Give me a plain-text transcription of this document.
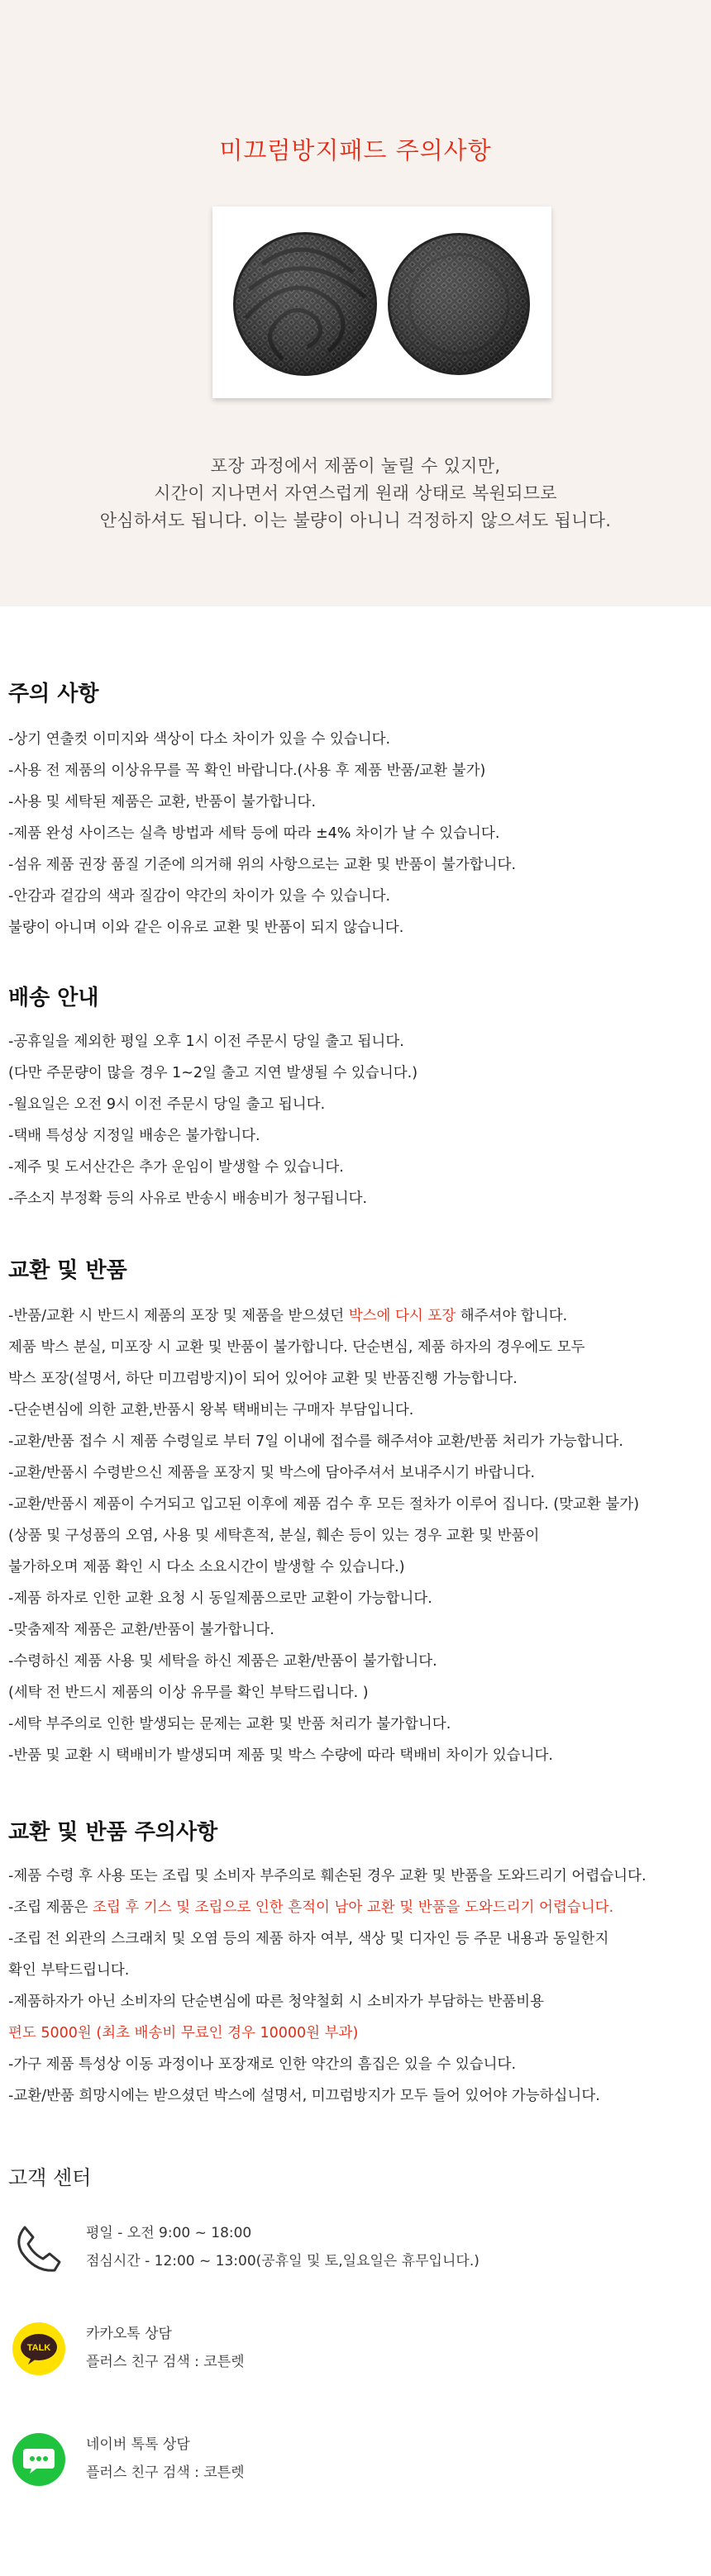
미끄럼방지패드 주의사항
포장 과정에서 제품이 눌릴 수 있지만,
시간이 지나면서 자연스럽게 원래 상태로 복원되므로
안심하셔도 됩니다. 이는 불량이 아니니 걱정하지 않으셔도 됩니다.
주의 사항
-상기 연출컷 이미지와 색상이 다소 차이가 있을 수 있습니다.
-사용 전 제품의 이상유무를 꼭 확인 바랍니다.(사용 후 제품 반품/교환 불가)
-사용 및 세탁된 제품은 교환, 반품이 불가합니다.
-제품 완성 사이즈는 실측 방법과 세탁 등에 따라 ±4% 차이가 날 수 있습니다.
-섬유 제품 권장 품질 기준에 의거해 위의 사항으로는 교환 및 반품이 불가합니다.
-안감과 겉감의 색과 질감이 약간의 차이가 있을 수 있습니다.
불량이 아니며 이와 같은 이유로 교환 및 반품이 되지 않습니다.
배송 안내
-공휴일을 제외한 평일 오후 1시 이전 주문시 당일 출고 됩니다.
(다만 주문량이 많을 경우 1~2일 출고 지연 발생될 수 있습니다.)
-월요일은 오전 9시 이전 주문시 당일 출고 됩니다.
-택배 특성상 지정일 배송은 불가합니다.
-제주 및 도서산간은 추가 운임이 발생할 수 있습니다.
-주소지 부정확 등의 사유로 반송시 배송비가 청구됩니다.
교환 및 반품
-반품/교환 시 반드시 제품의 포장 및 제품을 받으셨던 박스에 다시 포장 해주셔야 합니다.
제품 박스 분실, 미포장 시 교환 및 반품이 불가합니다. 단순변심, 제품 하자의 경우에도 모두
박스 포장(설명서, 하단 미끄럼방지)이 되어 있어야 교환 및 반품진행 가능합니다.
-단순변심에 의한 교환,반품시 왕복 택배비는 구매자 부담입니다.
-교환/반품 접수 시 제품 수령일로 부터 7일 이내에 접수를 해주셔야 교환/반품 처리가 가능합니다.
-교환/반품시 수령받으신 제품을 포장지 및 박스에 담아주셔서 보내주시기 바랍니다.
-교환/반품시 제품이 수거되고 입고된 이후에 제품 검수 후 모든 절차가 이루어 집니다. (맞교환 불가)
(상품 및 구성품의 오염, 사용 및 세탁흔적, 분실, 훼손 등이 있는 경우 교환 및 반품이
불가하오며 제품 확인 시 다소 소요시간이 발생할 수 있습니다.)
-제품 하자로 인한 교환 요청 시 동일제품으로만 교환이 가능합니다.
-맞춤제작 제품은 교환/반품이 불가합니다.
-수령하신 제품 사용 및 세탁을 하신 제품은 교환/반품이 불가합니다.
(세탁 전 반드시 제품의 이상 유무를 확인 부탁드립니다. )
-세탁 부주의로 인한 발생되는 문제는 교환 및 반품 처리가 불가합니다.
-반품 및 교환 시 택배비가 발생되며 제품 및 박스 수량에 따라 택배비 차이가 있습니다.
교환 및 반품 주의사항
-제품 수령 후 사용 또는 조립 및 소비자 부주의로 훼손된 경우 교환 및 반품을 도와드리기 어렵습니다.
-조립 제품은 조립 후 기스 및 조립으로 인한 흔적이 남아 교환 및 반품을 도와드리기 어렵습니다.
-조립 전 외관의 스크래치 및 오염 등의 제품 하자 여부, 색상 및 디자인 등 주문 내용과 동일한지
확인 부탁드립니다.
-제품하자가 아닌 소비자의 단순변심에 따른 청약철회 시 소비자가 부담하는 반품비용
편도 5000원 (최초 배송비 무료인 경우 10000원 부과)
-가구 제품 특성상 이동 과정이나 포장재로 인한 약간의 흠집은 있을 수 있습니다.
-교환/반품 희망시에는 받으셨던 박스에 설명서, 미끄럼방지가 모두 들어 있어야 가능하십니다.
고객 센터
평일 - 오전 9:00 ~ 18:00
점심시간 - 12:00 ~ 13:00(공휴일 및 토,일요일은 휴무입니다.)
TALK
카카오톡 상담
플러스 친구 검색 : 코튼렛
네이버 톡톡 상담
플러스 친구 검색 : 코튼렛
